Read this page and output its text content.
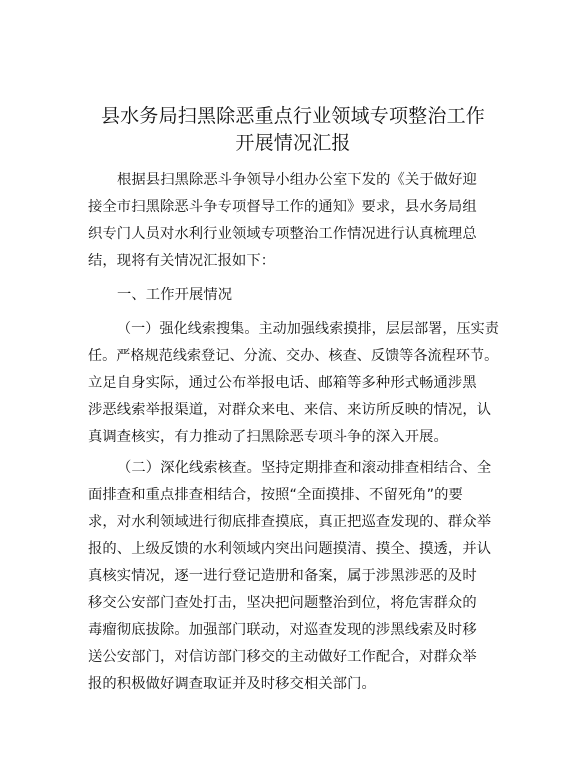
县水务局扫黑除恶重点行业领域专项整治工作
开展情况汇报
根据县扫黑除恶斗争领导小组办公室下发的《关于做好迎
接全市扫黑除恶斗争专项督导工作的通知》要求，县水务局组
织专门人员对水利行业领域专项整治工作情况进行认真梳理总
结，现将有关情况汇报如下：
一、工作开展情况
（一）强化线索搜集。主动加强线索摸排，层层部署，压实责
任。严格规范线索登记、分流、交办、核查、反馈等各流程环节。
立足自身实际，通过公布举报电话、邮箱等多种形式畅通涉黑
涉恶线索举报渠道，对群众来电、来信、来访所反映的情况，认
真调查核实，有力推动了扫黑除恶专项斗争的深入开展。
（二）深化线索核查。坚持定期排查和滚动排查相结合、全
面排查和重点排查相结合，按照“全面摸排、不留死角”的要
求，对水利领域进行彻底排查摸底，真正把巡查发现的、群众举
报的、上级反馈的水利领域内突出问题摸清、摸全、摸透，并认
真核实情况，逐一进行登记造册和备案，属于涉黑涉恶的及时
移交公安部门查处打击，坚决把问题整治到位，将危害群众的
毒瘤彻底拔除。加强部门联动，对巡查发现的涉黑线索及时移
送公安部门，对信访部门移交的主动做好工作配合，对群众举
报的积极做好调查取证并及时移交相关部门。
